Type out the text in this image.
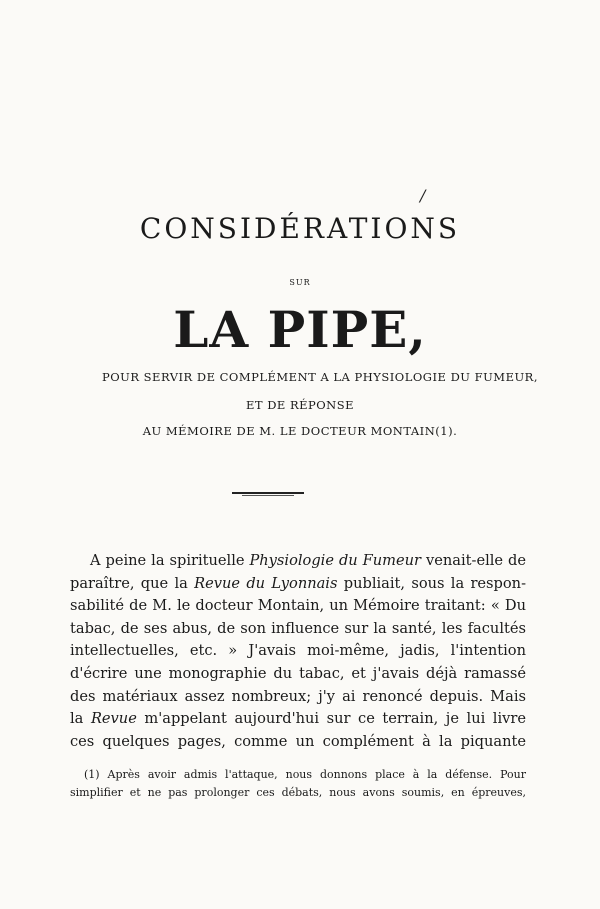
/
CONSIDÉRATIONS
SUR
LA PIPE,
POUR SERVIR DE COMPLÉMENT A LA PHYSIOLOGIE DU FUMEUR,
ET DE RÉPONSE
AU MÉMOIRE DE M. LE DOCTEUR MONTAIN(1).
A peine la spirituelle Physiologie du Fumeur venait-elle de
paraître, que la Revue du Lyonnais publiait, sous la respon-
sabilité de M. le docteur Montain, un Mémoire traitant: « Du
tabac, de ses abus, de son influence sur la santé, les facultés
intellectuelles, etc. » J'avais moi-même, jadis, l'intention
d'écrire une monographie du tabac, et j'avais déjà ramassé
des matériaux assez nombreux; j'y ai renoncé depuis. Mais
la Revue m'appelant aujourd'hui sur ce terrain, je lui livre
ces quelques pages, comme un complément à la piquante
(1) Après avoir admis l'attaque, nous donnons place à la défense. Pour
simplifier et ne pas prolonger ces débats, nous avons soumis, en épreuves,
